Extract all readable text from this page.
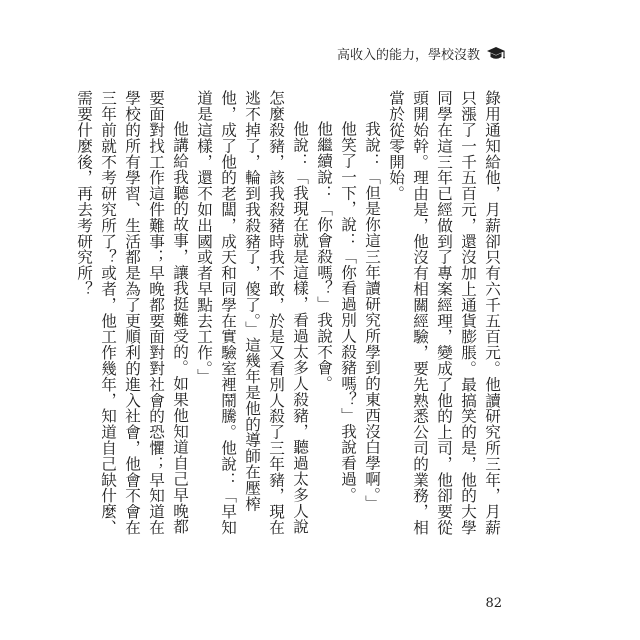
高收入的能力，學校沒教

錄用通知給他，月薪卻只有六千五百元。他讀研究所三年，月薪只漲了一千五百元，還沒加上通貨膨脹。最搞笑的是，他的大學同學在這三年已經做到了專案經理，變成了他的上司，他卻要從頭開始幹。理由是，他沒有相關經驗，要先熟悉公司的業務，相當於從零開始。

我說：「但是你這三年讀研究所學到的東西沒白學啊。」

他笑了一下，說：「你看過別人殺豬嗎？」我說看過。

他繼續說：「你會殺嗎？」我說不會。

他說：「我現在就是這樣，看過太多人殺豬，聽過太多人說怎麼殺豬，該我殺豬時我不敢，於是又看別人殺了三年豬，現在逃不掉了，輪到我殺豬了，傻了。」這幾年是他的導師在壓榨他，成了他的老闆，成天和同學在實驗室裡鬧騰。他說：「早知道是這樣，還不如出國或者早點去工作。」

他講給我聽的故事，讓我挺難受的。如果他知道自己早晚都要面對找工作這件難事；早晚都要面對對社會的恐懼；早知道在學校的所有學習、生活都是為了更順利的進入社會，他會不會在三年前就不考研究所了？或者，他工作幾年，知道自己缺什麼、需要什麼後，再去考研究所？

82
